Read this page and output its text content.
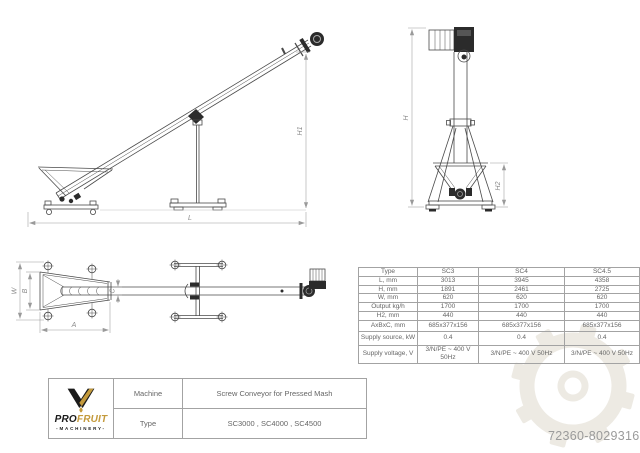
H1
L
H
H2
W B
A
C
Type	SC3	SC4	SC4.5
L, mm	3013	3945	4358
H, mm	1891	2461	2725
W, mm	620	620	620
Output kg/h	1700	1700	1700
H2, mm	440	440	440
AxBxC, mm	685x377x156	685x377x156	685x377x156
Supply source, kW	0.4	0.4	0.4
Supply voltage, V	3/N/PE ~ 400 V 50Hz	3/N/PE ~ 400 V 50Hz	3/N/PE ~ 400 V 50Hz
PROFRUIT
-MACHINERY-
Machine	Screw Conveyor for Pressed Mash
Type	SC3000 , SC4000 , SC4500
72360-8029316
